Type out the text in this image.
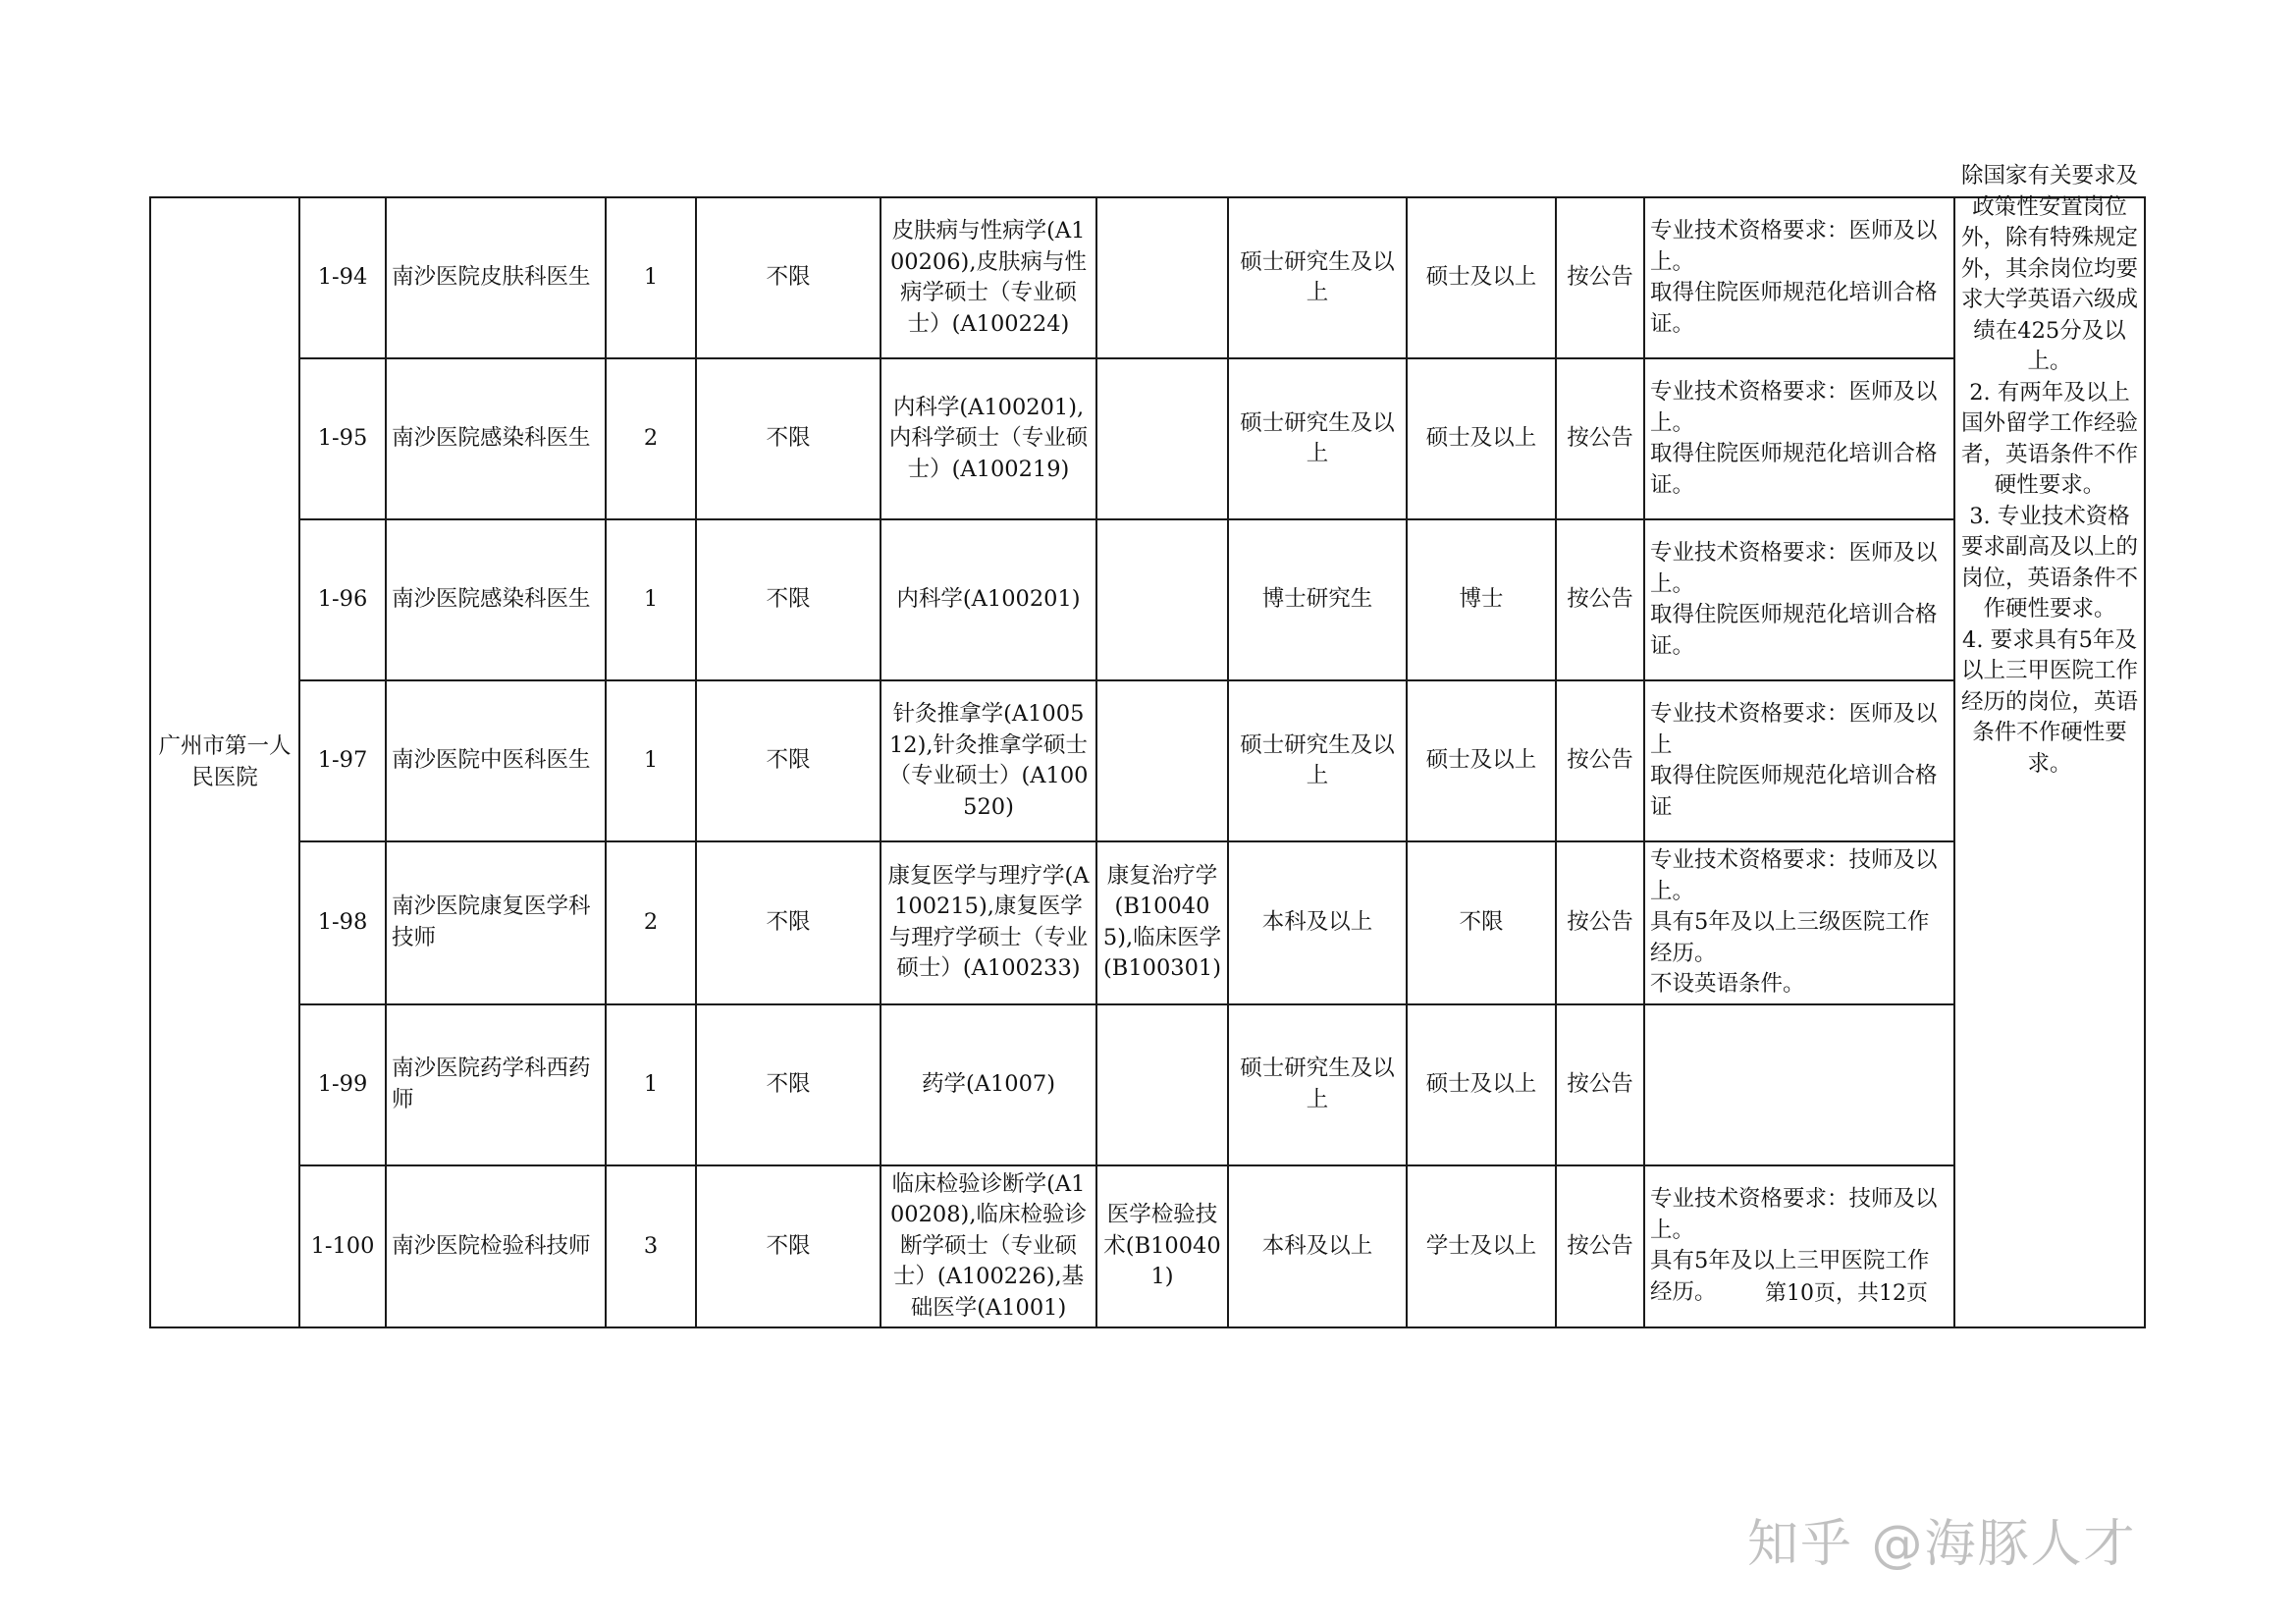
广州市第一人民医院	1-94	南沙医院皮肤科医生	1	不限	皮肤病与性病学(A100206),皮肤病与性病学硕士（专业硕士）(A100224)		硕士研究生及以上	硕士及以上	按公告	专业技术资格要求：医师及以上。
取得住院医师规范化培训合格证。	除国家有关要求及政策性安置岗位外，除有特殊规定外，其余岗位均要求大学英语六级成绩在425分及以上。
2. 有两年及以上国外留学工作经验者，英语条件不作硬性要求。
3. 专业技术资格要求副高及以上的岗位，英语条件不作硬性要求。
4. 要求具有5年及以上三甲医院工作经历的岗位，英语条件不作硬性要求。

	1-95	南沙医院感染科医生	2	不限	内科学(A100201),内科学硕士（专业硕士）(A100219)		硕士研究生及以上	硕士及以上	按公告	专业技术资格要求：医师及以上。
取得住院医师规范化培训合格证。	
	1-96	南沙医院感染科医生	1	不限	内科学(A100201)		博士研究生	博士	按公告	专业技术资格要求：医师及以上。
取得住院医师规范化培训合格证。	
	1-97	南沙医院中医科医生	1	不限	针灸推拿学(A100512),针灸推拿学硕士（专业硕士）(A100520)		硕士研究生及以上	硕士及以上	按公告	专业技术资格要求：医师及以上
取得住院医师规范化培训合格证	
	1-98	南沙医院康复医学科技师	2	不限	康复医学与理疗学(A100215),康复医学与理疗学硕士（专业硕士）(A100233)	康复治疗学(B100405),临床医学(B100301)	本科及以上	不限	按公告	专业技术资格要求：技师及以上。
具有5年及以上三级医院工作经历。
不设英语条件。	
	1-99	南沙医院药学科西药师	1	不限	药学(A1007)		硕士研究生及以上	硕士及以上	按公告		
	1-100	南沙医院检验科技师	3	不限	临床检验诊断学(A100208),临床检验诊断学硕士（专业硕士）(A100226),基础医学(A1001)	医学检验技术(B100401)	本科及以上	学士及以上	按公告	专业技术资格要求：技师及以上。
具有5年及以上三甲医院工作经历。	第10页，共12页
知乎 @海豚人才
